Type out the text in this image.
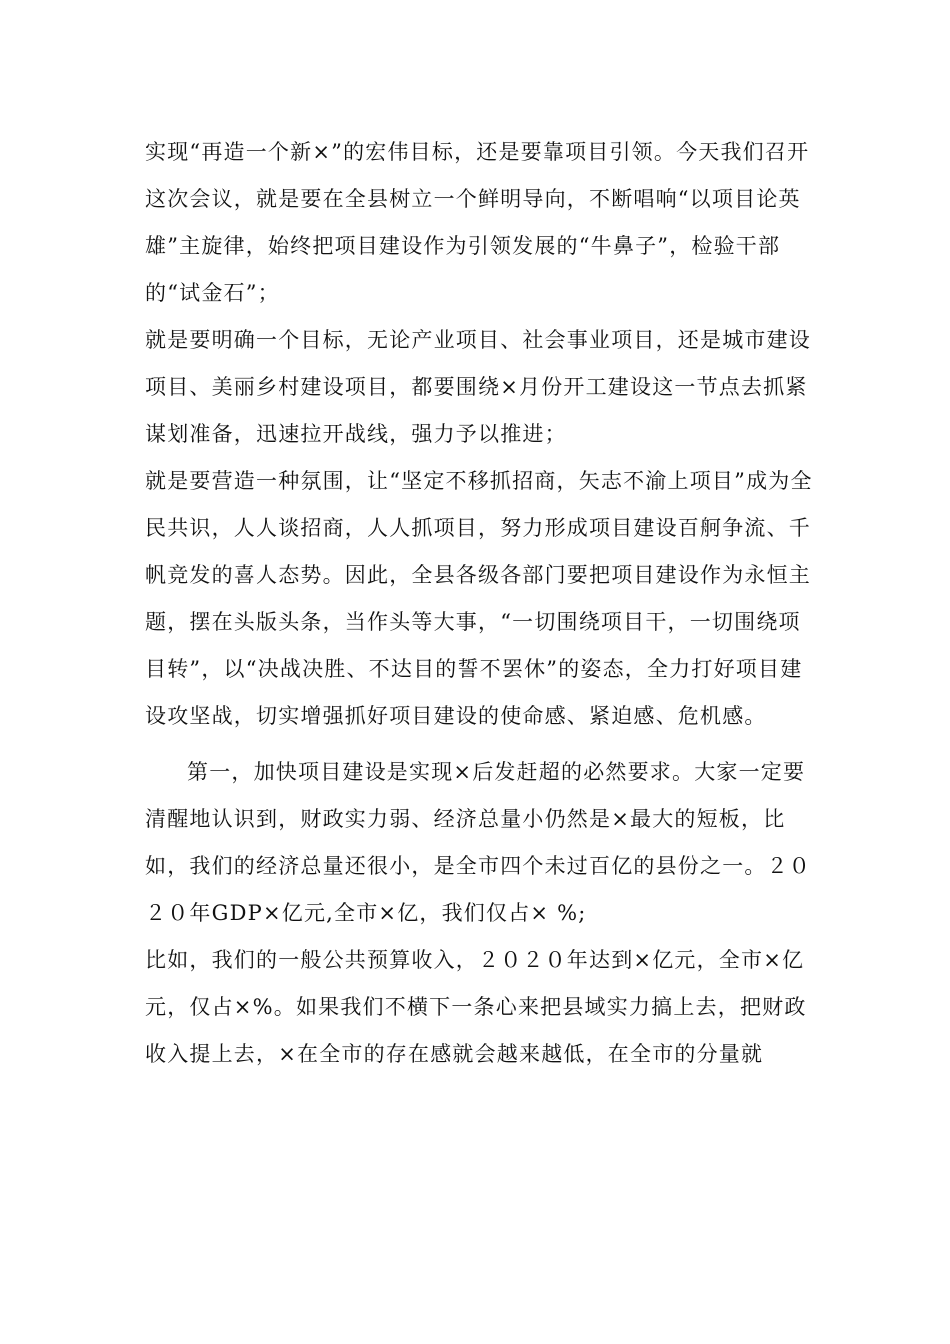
实现“再造一个新×”的宏伟目标，还是要靠项目引领。今天我们召开这次会议，就是要在全县树立一个鲜明导向，不断唱响“以项目论英雄”主旋律，始终把项目建设作为引领发展的“牛鼻子”，检验干部的“试金石”；

就是要明确一个目标，无论产业项目、社会事业项目，还是城市建设项目、美丽乡村建设项目，都要围绕×月份开工建设这一节点去抓紧谋划准备，迅速拉开战线，强力予以推进；

就是要营造一种氛围，让“坚定不移抓招商，矢志不渝上项目”成为全民共识，人人谈招商，人人抓项目，努力形成项目建设百舸争流、千帆竞发的喜人态势。因此，全县各级各部门要把项目建设作为永恒主题，摆在头版头条，当作头等大事，“一切围绕项目干，一切围绕项目转”，以“决战决胜、不达目的誓不罢休”的姿态，全力打好项目建设攻坚战，切实增强抓好项目建设的使命感、紧迫感、危机感。

第一，加快项目建设是实现×后发赶超的必然要求。大家一定要清醒地认识到，财政实力弱、经济总量小仍然是×最大的短板，比如，我们的经济总量还很小，是全市四个未过百亿的县份之一。２０２０年GDP×亿元,全市×亿，我们仅占× %;

比如，我们的一般公共预算收入，２０２０年达到×亿元，全市×亿元，仅占×%。如果我们不横下一条心来把县域实力搞上去，把财政收入提上去，×在全市的存在感就会越来越低，在全市的分量就
